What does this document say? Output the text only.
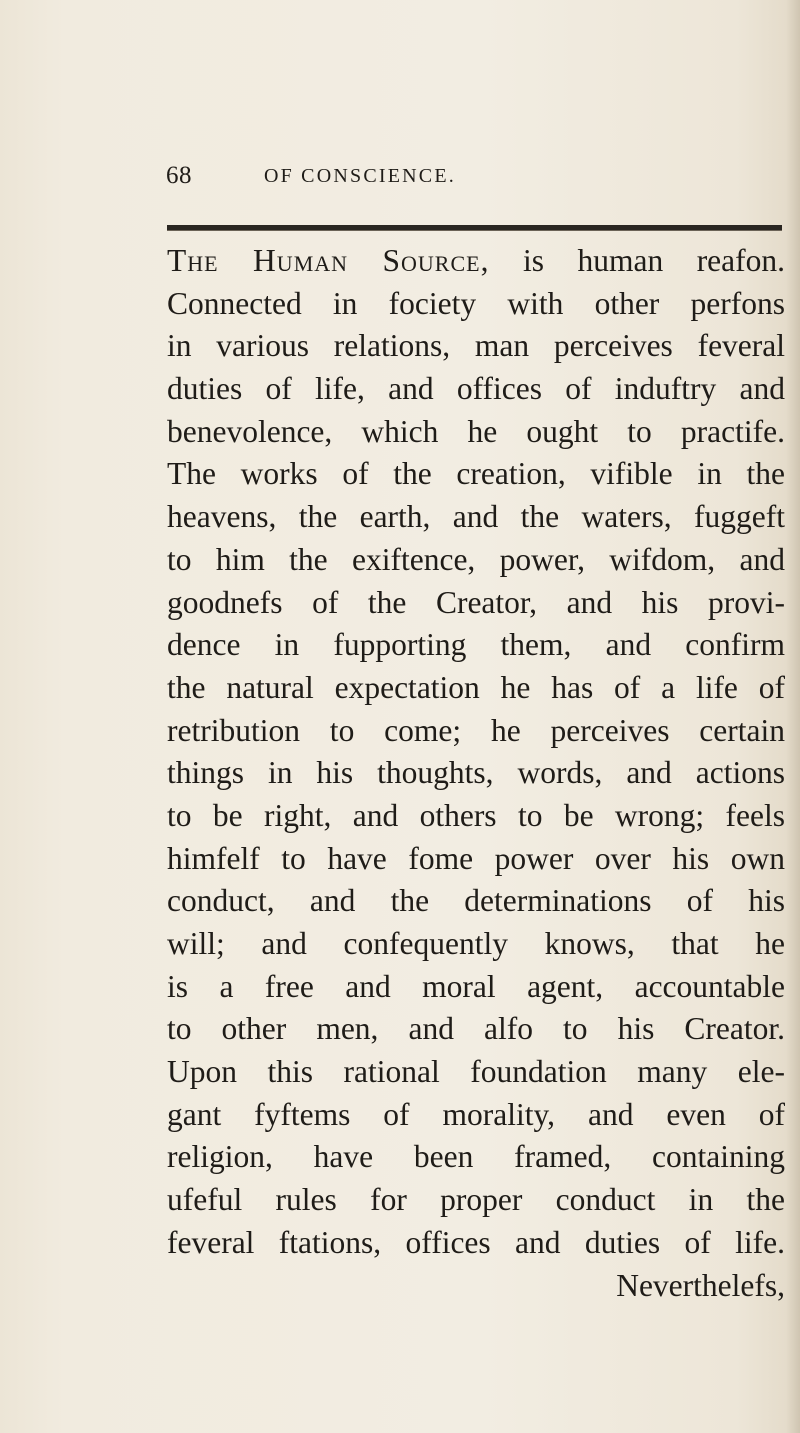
68	OF CONSCIENCE.
The Human Source, is human reafon.
Connected in fociety with other perfons
in various relations, man perceives feveral
duties of life, and offices of induftry and
benevolence, which he ought to practife.
The works of the creation, vifible in the
heavens, the earth, and the waters, fuggeft
to him the exiftence, power, wifdom, and
goodnefs of the Creator, and his provi-
dence in fupporting them, and confirm
the natural expectation he has of a life of
retribution to come; he perceives certain
things in his thoughts, words, and actions
to be right, and others to be wrong; feels
himfelf to have fome power over his own
conduct, and the determinations of his
will; and confequently knows, that he
is a free and moral agent, accountable
to other men, and alfo to his Creator.
Upon this rational foundation many ele-
gant fyftems of morality, and even of
religion, have been framed, containing
ufeful rules for proper conduct in the
feveral ftations, offices and duties of life.
Neverthelefs,
